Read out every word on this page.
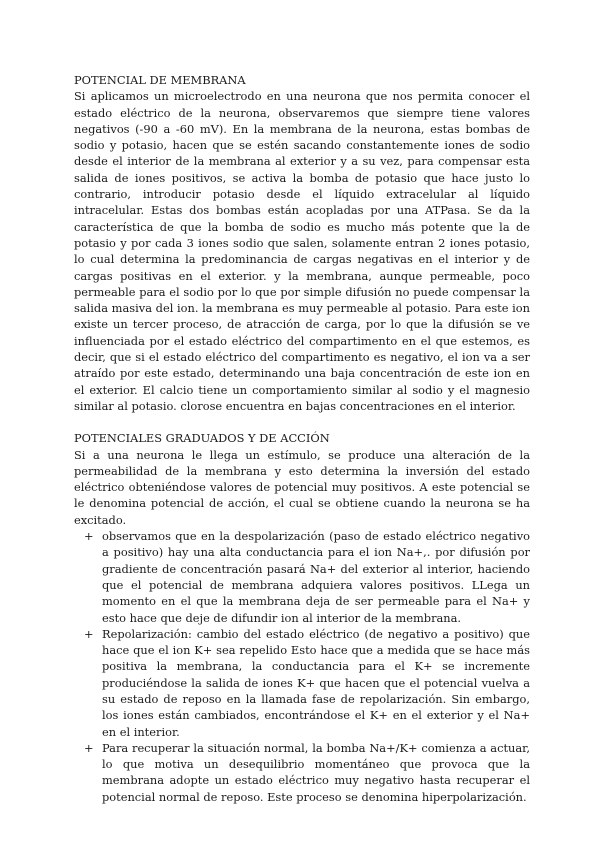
POTENCIAL DE MEMBRANA

Si aplicamos un microelectrodo en una neurona que nos permita conocer el estado eléctrico de la neurona, observaremos que siempre tiene valores negativos (-90 a -60 mV). En la membrana de la neurona, estas bombas de sodio y potasio, hacen que se estén sacando constantemente iones de sodio desde el interior de la membrana al exterior y a su vez, para compensar esta salida de iones positivos, se activa la bomba de potasio que hace justo lo contrario, introducir potasio desde el líquido extracelular al líquido intracelular. Estas dos bombas están acopladas por una ATPasa. Se da la característica de que la bomba de sodio es mucho más potente que la de potasio y por cada 3 iones sodio que salen, solamente entran 2 iones potasio, lo cual determina la predominancia de cargas negativas en el interior y de cargas positivas en el exterior. y la membrana, aunque permeable, poco permeable para el sodio por lo que por simple difusión no puede compensar la salida masiva del ion. la membrana es muy permeable al potasio. Para este ion existe un tercer proceso, de atracción de carga, por lo que la difusión se ve influenciada por el estado eléctrico del compartimento en el que estemos, es decir, que si el estado eléctrico del compartimento es negativo, el ion va a ser atraído por este estado, determinando una baja concentración de este ion en el exterior. El calcio tiene un comportamiento similar al sodio y el magnesio similar al potasio. clorose encuentra en bajas concentraciones en el interior.

POTENCIALES GRADUADOS Y DE ACCIÓN

Si a una neurona le llega un estímulo, se produce una alteración de la permeabilidad de la membrana y esto determina la inversión del estado eléctrico obteniéndose valores de potencial muy positivos. A este potencial se le denomina potencial de acción, el cual se obtiene cuando la neurona se ha excitado.

+ observamos que en la despolarización (paso de estado eléctrico negativo a positivo) hay una alta conductancia para el ion Na+,. por difusión por gradiente de concentración pasará Na+ del exterior al interior, haciendo que el potencial de membrana adquiera valores positivos. LLega un momento en el que la membrana deja de ser permeable para el Na+ y esto hace que deje de difundir ion al interior de la membrana.
+ Repolarización: cambio del estado eléctrico (de negativo a positivo) que hace que el ion K+ sea repelido Esto hace que a medida que se hace más positiva la membrana, la conductancia para el K+ se incremente produciéndose la salida de iones K+ que hacen que el potencial vuelva a su estado de reposo en la llamada fase de repolarización. Sin embargo, los iones están cambiados, encontrándose el K+ en el exterior y el Na+ en el interior.
+ Para recuperar la situación normal, la bomba Na+/K+ comienza a actuar, lo que motiva un desequilibrio momentáneo que provoca que la membrana adopte un estado eléctrico muy negativo hasta recuperar el potencial normal de reposo. Este proceso se denomina hiperpolarización.
